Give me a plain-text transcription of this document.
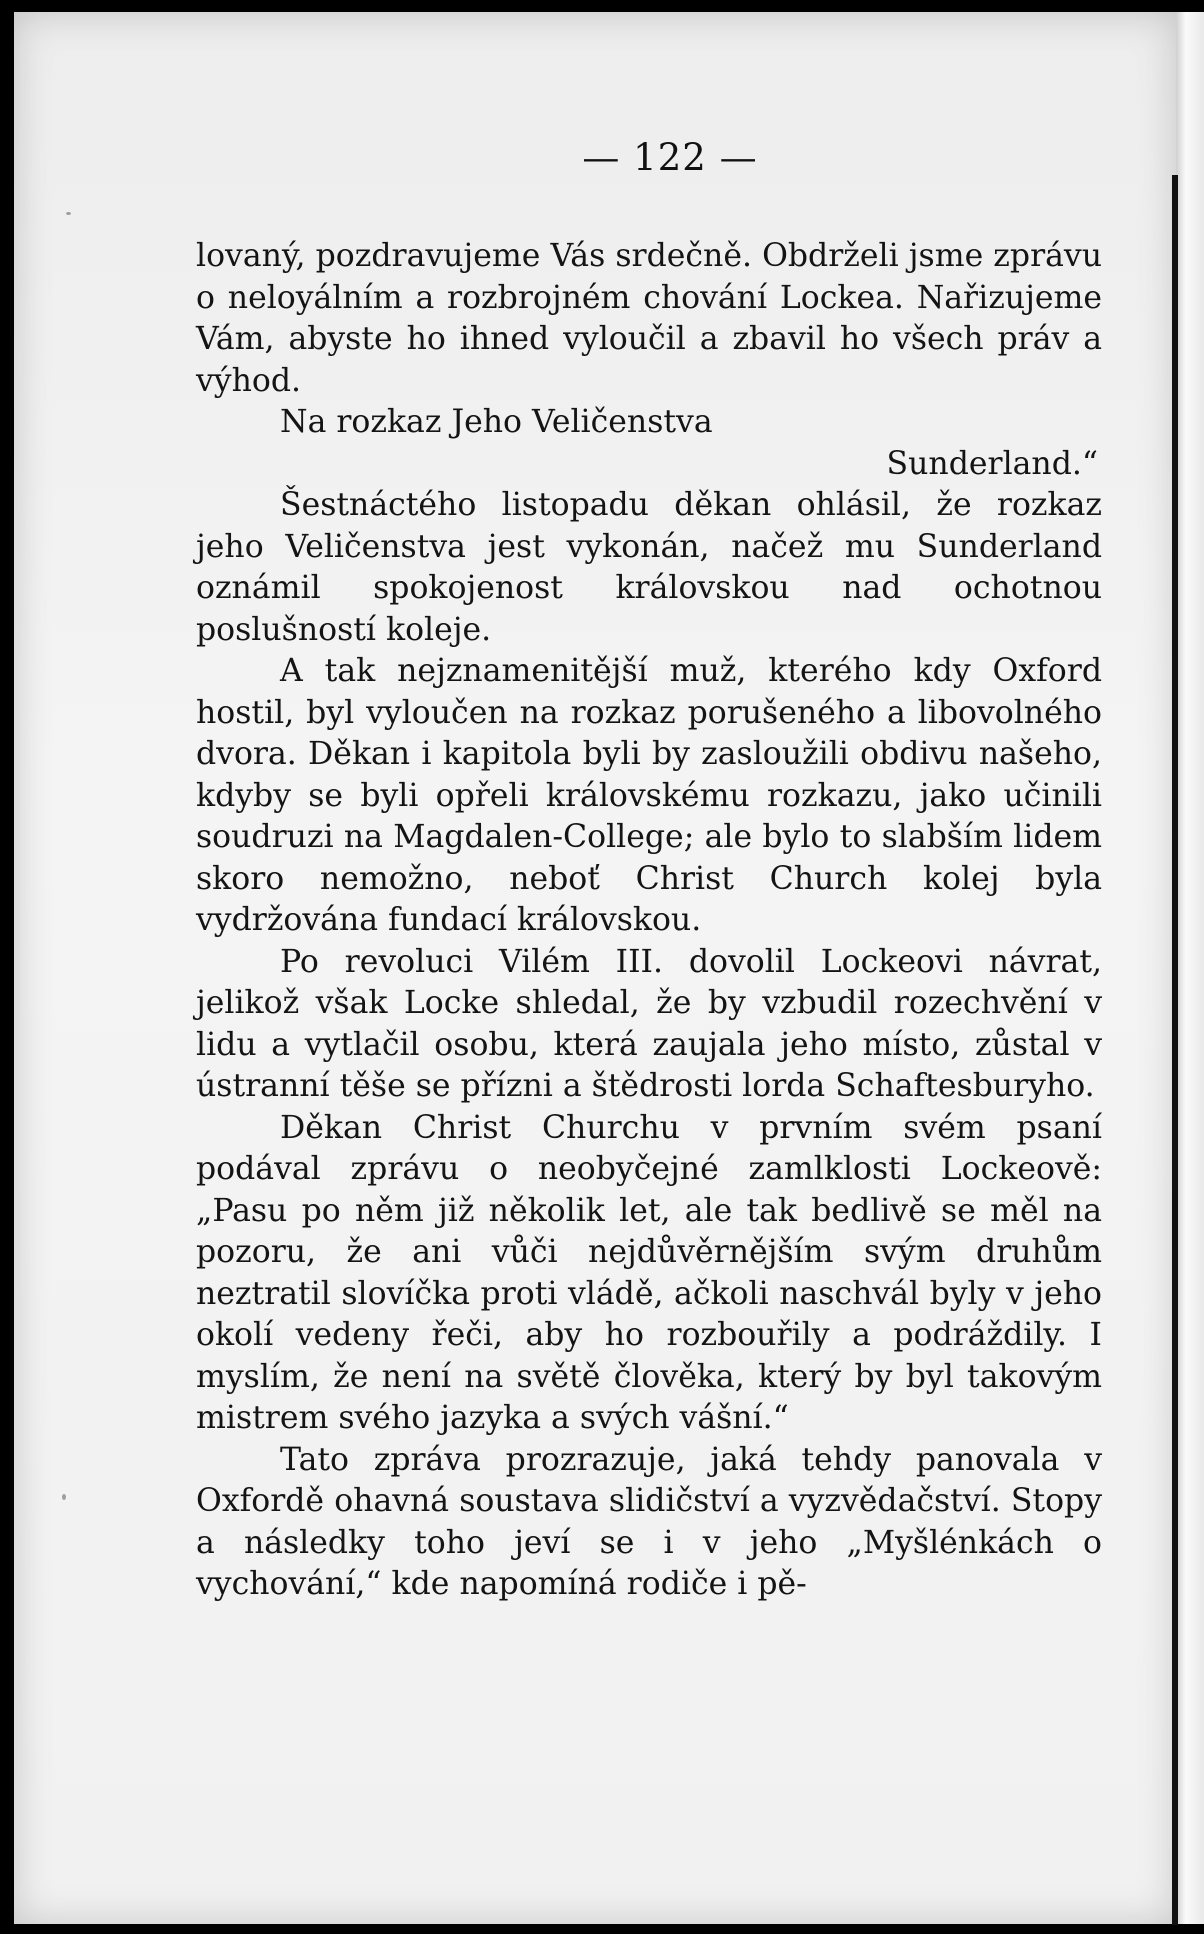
— 122 —

lovaný, pozdravujeme Vás srdečně. Obdrželi jsme zprávu o neloyálním a rozbrojném chování Lockea. Nařizujeme Vám, abyste ho ihned vyloučil a zbavil ho všech práv a výhod.

Na rozkaz Jeho Veličenstva

Sunderland.“

Šestnáctého listopadu děkan ohlásil, že rozkaz jeho Veličenstva jest vykonán, načež mu Sunderland oznámil spokojenost královskou nad ochotnou poslušností koleje.

A tak nejznamenitější muž, kterého kdy Oxford hostil, byl vyloučen na rozkaz porušeného a libovolného dvora. Děkan i kapitola byli by zasloužili obdivu našeho, kdyby se byli opřeli královskému rozkazu, jako učinili soudruzi na Magdalen-College; ale bylo to slabším lidem skoro nemožno, neboť Christ Church kolej byla vydržována fundací královskou.

Po revoluci Vilém III. dovolil Lockeovi návrat, jelikož však Locke shledal, že by vzbudil rozechvění v lidu a vytlačil osobu, která zaujala jeho místo, zůstal v ústranní těše se přízni a štědrosti lorda Schaftesburyho.

Děkan Christ Churchu v prvním svém psaní podával zprávu o neobyčejné zamlklosti Lockeově: „Pasu po něm již několik let, ale tak bedlivě se měl na pozoru, že ani vůči nejdůvěrnějším svým druhům neztratil slovíčka proti vládě, ačkoli naschvál byly v jeho okolí vedeny řeči, aby ho rozbouřily a podráždily. I myslím, že není na světě člověka, který by byl takovým mistrem svého jazyka a svých vášní.“

Tato zpráva prozrazuje, jaká tehdy panovala v Oxfordě ohavná soustava slidičství a vyzvědačství. Stopy a následky toho jeví se i v jeho „Myšlénkách o vychování,“ kde napomíná rodiče i pě-
